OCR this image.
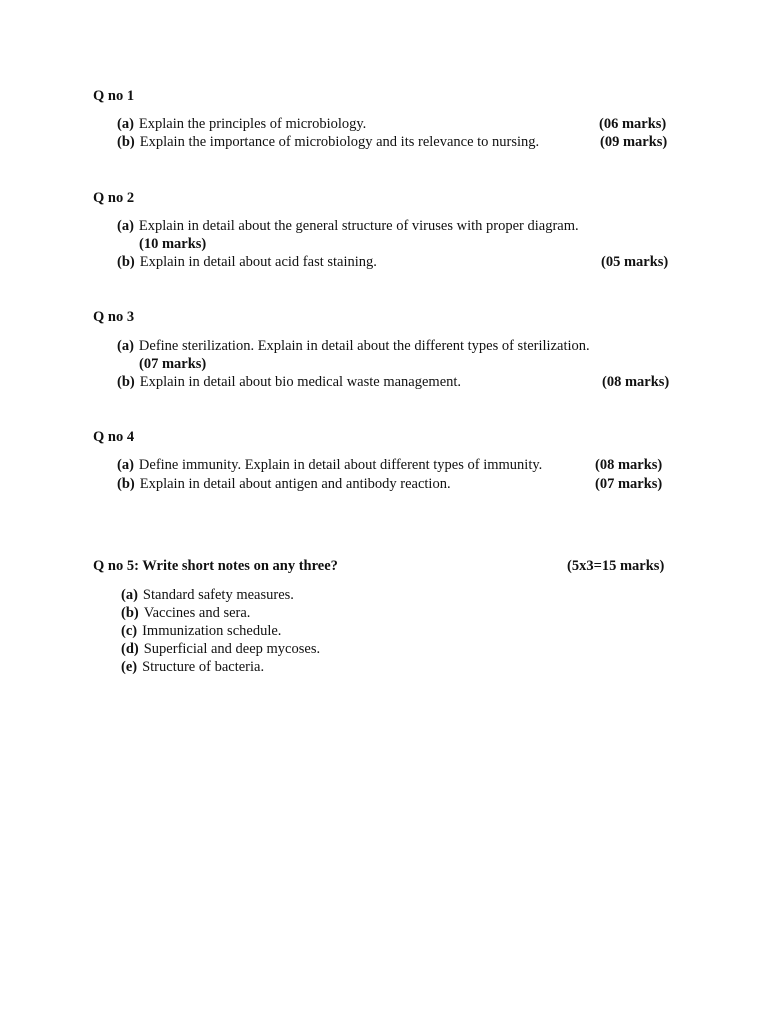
Q no 1
(a) Explain the principles of microbiology.	(06 marks)
(b) Explain the importance of microbiology and its relevance to nursing.	(09 marks)
Q no 2
(a) Explain in detail about the general structure of viruses with proper diagram.
(10 marks)
(b) Explain in detail about acid fast staining.	(05 marks)
Q no 3
(a) Define sterilization. Explain in detail about the different types of sterilization.
(07 marks)
(b) Explain in detail about bio medical waste management.	(08 marks)
Q no 4
(a) Define immunity. Explain in detail about different types of immunity.	(08 marks)
(b) Explain in detail about antigen and antibody reaction.	(07 marks)
Q no 5: Write short notes on any three?	(5x3=15 marks)
(a) Standard safety measures.
(b) Vaccines and sera.
(c) Immunization schedule.
(d) Superficial and deep mycoses.
(e) Structure of bacteria.
